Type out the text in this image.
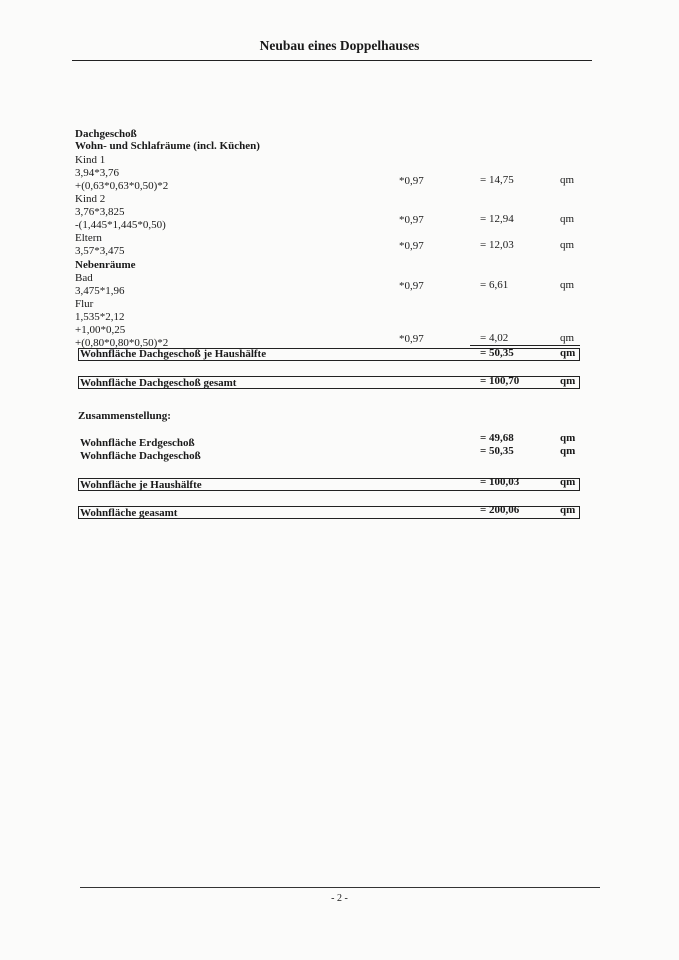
Neubau eines Doppelhauses
Dachgeschoß
Wohn- und Schlafräume (incl. Küchen)
Kind 1
3,94*3,76
+(0,63*0,63*0,50)*2	*0,97	= 14,75	qm
Kind 2
3,76*3,825
-(1,445*1,445*0,50)	*0,97	= 12,94	qm
Eltern
3,57*3,475	*0,97	= 12,03	qm
Nebenräume
Bad
3,475*1,96	*0,97	= 6,61	qm
Flur
1,535*2,12
+1,00*0,25
+(0,80*0,80*0,50)*2	*0,97	= 4,02	qm
Wohnfläche Dachgeschoß je Haushälfte	= 50,35	qm
Wohnfläche Dachgeschoß gesamt	= 100,70	qm
Zusammenstellung:
Wohnfläche Erdgeschoß	= 49,68	qm
Wohnfläche Dachgeschoß	= 50,35	qm
Wohnfläche je Haushälfte	= 100,03	qm
Wohnfläche geasamt	= 200,06	qm
- 2 -
